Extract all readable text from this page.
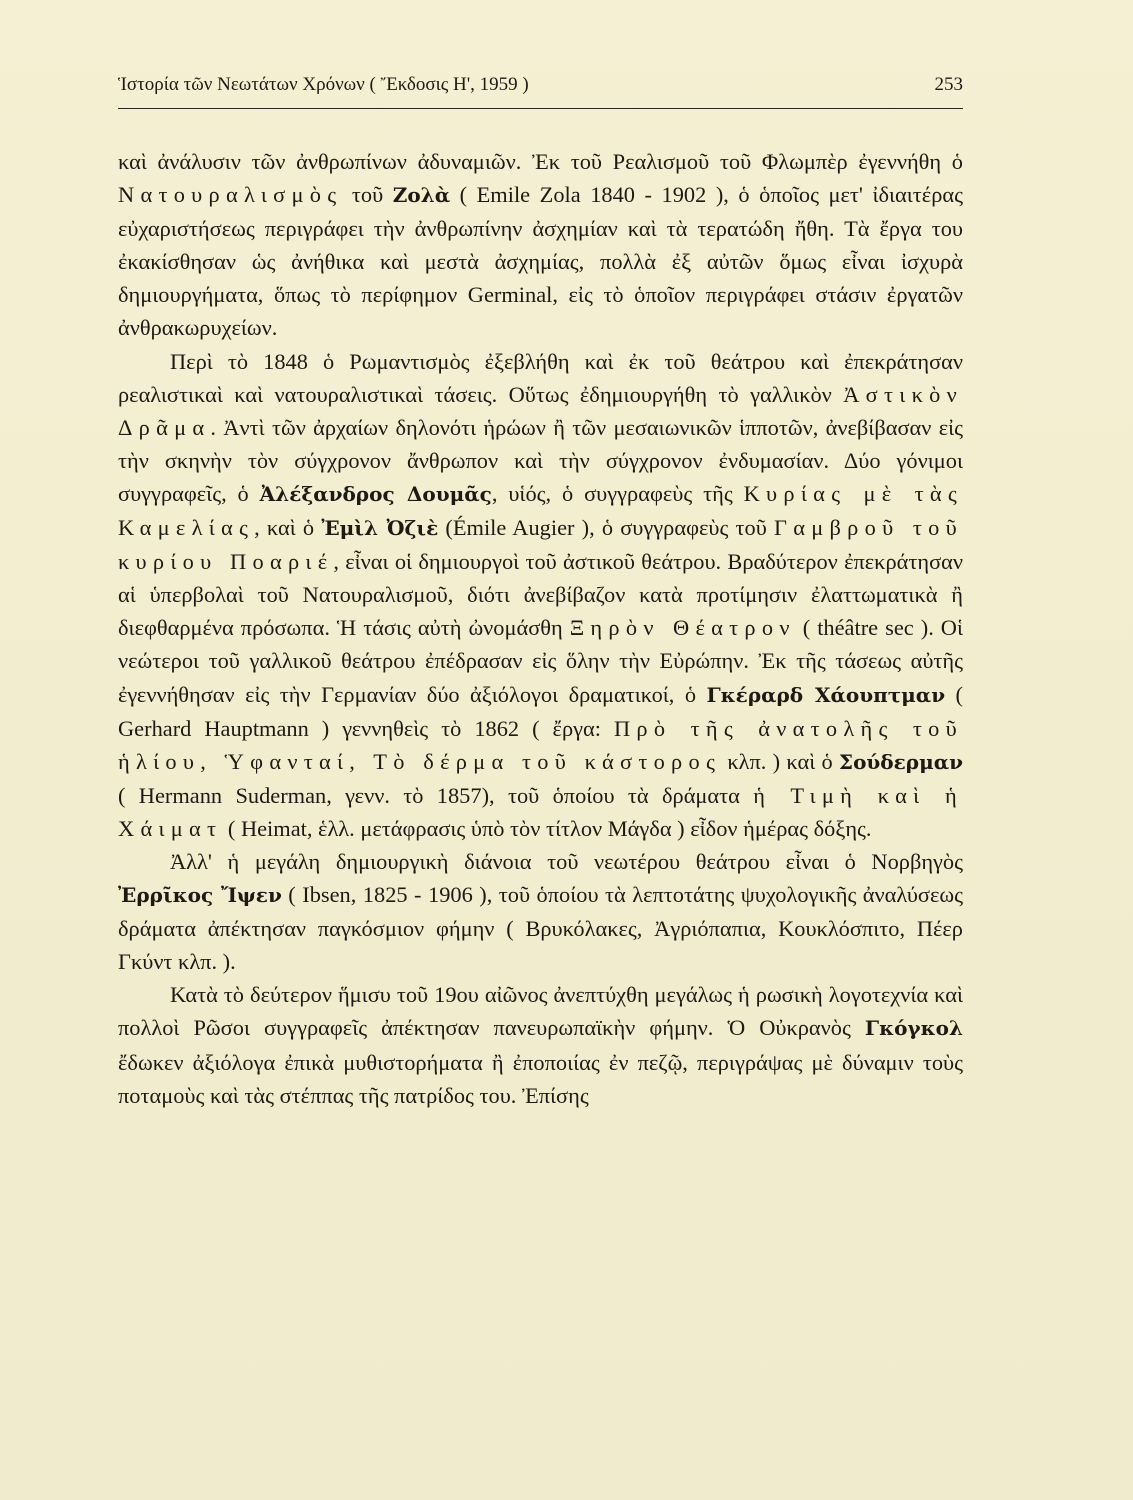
Ἱστορία τῶν Νεωτάτων Χρόνων ( Ἔκδοσις Η', 1959 )	253

καὶ ἀνάλυσιν τῶν ἀνθρωπίνων ἀδυναμιῶν. Ἐκ τοῦ Ρεαλισμοῦ τοῦ Φλωμπὲρ ἐγεννήθη ὁ Νατουραλισμὸς τοῦ Ζολὰ ( Emile Zola 1840 - 1902 ), ὁ ὁποῖος μετ' ἰδιαιτέρας εὐχαριστήσεως περιγράφει τὴν ἀνθρωπίνην ἀσχημίαν καὶ τὰ τερατώδη ἤθη. Τὰ ἔργα του ἐκακίσθησαν ὡς ἀνήθικα καὶ μεστὰ ἀσχημίας, πολλὰ ἐξ αὐτῶν ὅμως εἶναι ἰσχυρὰ δημιουργήματα, ὅπως τὸ περίφημον Germinal, εἰς τὸ ὁποῖον περιγράφει στάσιν ἐργατῶν ἀνθρακωρυχείων.

Περὶ τὸ 1848 ὁ Ρωμαντισμὸς ἐξεβλήθη καὶ ἐκ τοῦ θεάτρου καὶ ἐπεκράτησαν ρεαλιστικαὶ καὶ νατουραλιστικαὶ τάσεις. Οὕτως ἐδημιουργήθη τὸ γαλλικὸν Ἀστικὸν Δρᾶμα. Ἀντὶ τῶν ἀρχαίων δηλονότι ἡρώων ἢ τῶν μεσαιωνικῶν ἱπποτῶν, ἀνεβίβασαν εἰς τὴν σκηνὴν τὸν σύγχρονον ἄνθρωπον καὶ τὴν σύγχρονον ἐνδυμασίαν. Δύο γόνιμοι συγγραφεῖς, ὁ Ἀλέξανδρος Δουμᾶς, υἱός, ὁ συγγραφεὺς τῆς Κυρίας μὲ τὰς Καμελίας, καὶ ὁ Ἐμὶλ Ὀζιὲ (Émile Augier ), ὁ συγγραφεὺς τοῦ Γαμβροῦ τοῦ κυρίου Ποαριέ, εἶναι οἱ δημιουργοὶ τοῦ ἀστικοῦ θεάτρου. Βραδύτερον ἐπεκράτησαν αἱ ὑπερβολαὶ τοῦ Νατουραλισμοῦ, διότι ἀνεβίβαζον κατὰ προτίμησιν ἐλαττωματικὰ ἢ διεφθαρμένα πρόσωπα. Ἡ τάσις αὐτὴ ὠνομάσθη Ξηρὸν Θέατρον ( théâtre sec ). Οἱ νεώτεροι τοῦ γαλλικοῦ θεάτρου ἐπέδρασαν εἰς ὅλην τὴν Εὐρώπην. Ἐκ τῆς τάσεως αὐτῆς ἐγεννήθησαν εἰς τὴν Γερμανίαν δύο ἀξιόλογοι δραματικοί, ὁ Γκέραρδ Χάουπτμαν ( Gerhard Hauptmann ) γεννηθεὶς τὸ 1862 ( ἔργα: Πρὸ τῆς ἀνατολῆς τοῦ ἡλίου, Ὑφανταί, Τὸ δέρμα τοῦ κάστορος κλπ. ) καὶ ὁ Σούδερμαν ( Hermann Suderman, γενν. τὸ 1857), τοῦ ὁποίου τὰ δράματα ἡ Τιμὴ καὶ ἡ Χάιματ ( Heimat, ἑλλ. μετάφρασις ὑπὸ τὸν τίτλον Μάγδα ) εἶδον ἡμέρας δόξης.

Ἀλλ' ἡ μεγάλη δημιουργικὴ διάνοια τοῦ νεωτέρου θεάτρου εἶναι ὁ Νορβηγὸς Ἐρρῖκος Ἴψεν ( Ibsen, 1825 - 1906 ), τοῦ ὁποίου τὰ λεπτοτάτης ψυχολογικῆς ἀναλύσεως δράματα ἀπέκτησαν παγκόσμιον φήμην ( Βρυκόλακες, Ἀγριόπαπια, Κουκλόσπιτο, Πέερ Γκύντ κλπ. ).

Κατὰ τὸ δεύτερον ἥμισυ τοῦ 19ου αἰῶνος ἀνεπτύχθη μεγάλως ἡ ρωσικὴ λογοτεχνία καὶ πολλοὶ Ρῶσοι συγγραφεῖς ἀπέκτησαν πανευρωπαϊκὴν φήμην. Ὁ Οὐκρανὸς Γκόγκολ ἔδωκεν ἀξιόλογα ἐπικὰ μυθιστορήματα ἢ ἐποποιίας ἐν πεζῷ, περιγράψας μὲ δύναμιν τοὺς ποταμοὺς καὶ τὰς στέππας τῆς πατρίδος του. Ἐπίσης
